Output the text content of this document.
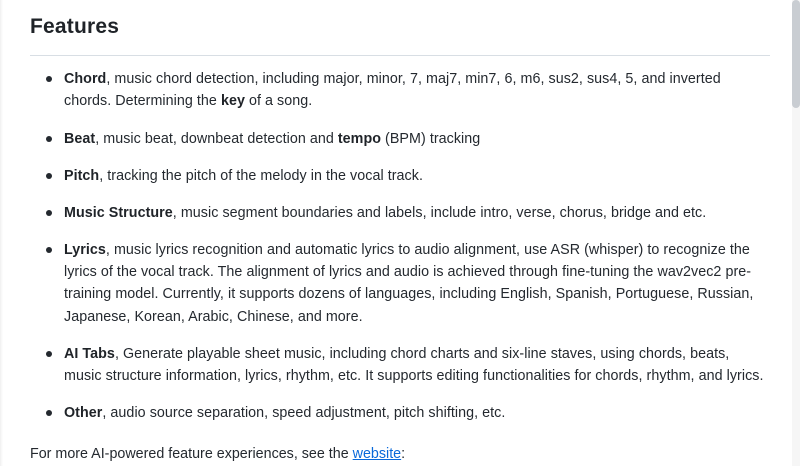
Features
Chord, music chord detection, including major, minor, 7, maj7, min7, 6, m6, sus2, sus4, 5, and inverted chords. Determining the key of a song.
Beat, music beat, downbeat detection and tempo (BPM) tracking
Pitch, tracking the pitch of the melody in the vocal track.
Music Structure, music segment boundaries and labels, include intro, verse, chorus, bridge and etc.
Lyrics, music lyrics recognition and automatic lyrics to audio alignment, use ASR (whisper) to recognize the lyrics of the vocal track. The alignment of lyrics and audio is achieved through fine-tuning the wav2vec2 pre-training model. Currently, it supports dozens of languages, including English, Spanish, Portuguese, Russian, Japanese, Korean, Arabic, Chinese, and more.
AI Tabs, Generate playable sheet music, including chord charts and six-line staves, using chords, beats, music structure information, lyrics, rhythm, etc. It supports editing functionalities for chords, rhythm, and lyrics.
Other, audio source separation, speed adjustment, pitch shifting, etc.

For more AI-powered feature experiences, see the website:
